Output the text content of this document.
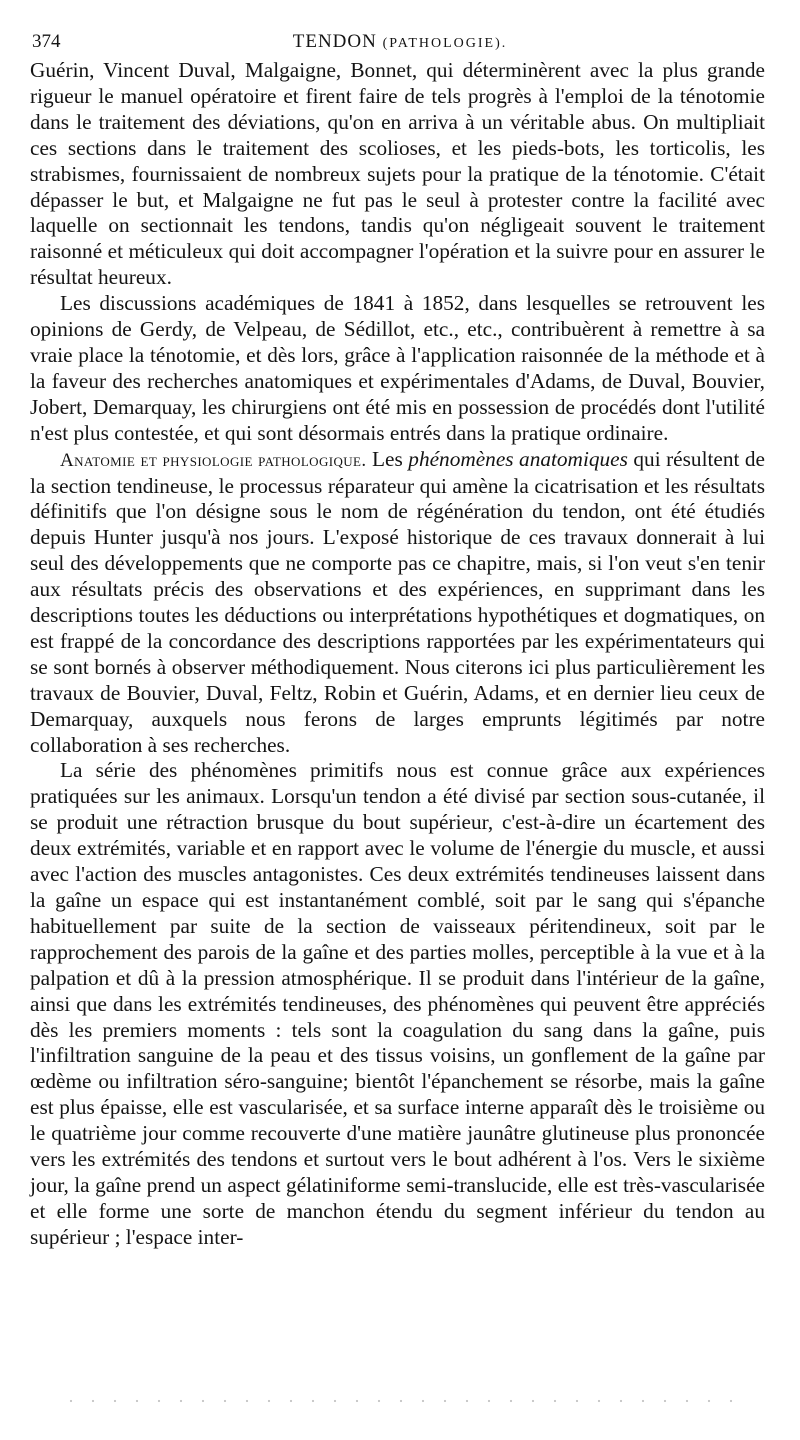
374	TENDON (PATHOLOGIE).

Guérin, Vincent Duval, Malgaigne, Bonnet, qui déterminèrent avec la plus grande rigueur le manuel opératoire et firent faire de tels progrès à l'emploi de la ténotomie dans le traitement des déviations, qu'on en arriva à un véritable abus. On multipliait ces sections dans le traitement des scolioses, et les pieds-bots, les torticolis, les strabismes, fournissaient de nombreux sujets pour la pratique de la ténotomie. C'était dépasser le but, et Malgaigne ne fut pas le seul à protester contre la facilité avec laquelle on sectionnait les tendons, tandis qu'on négligeait souvent le traitement raisonné et méticuleux qui doit accompagner l'opération et la suivre pour en assurer le résultat heureux.

Les discussions académiques de 1841 à 1852, dans lesquelles se retrouvent les opinions de Gerdy, de Velpeau, de Sédillot, etc., etc., contribuèrent à remettre à sa vraie place la ténotomie, et dès lors, grâce à l'application raisonnée de la méthode et à la faveur des recherches anatomiques et expérimentales d'Adams, de Duval, Bouvier, Jobert, Demarquay, les chirurgiens ont été mis en possession de procédés dont l'utilité n'est plus contestée, et qui sont désormais entrés dans la pratique ordinaire.

Anatomie et physiologie pathologique. Les phénomènes anatomiques qui résultent de la section tendineuse, le processus réparateur qui amène la cicatrisation et les résultats définitifs que l'on désigne sous le nom de régénération du tendon, ont été étudiés depuis Hunter jusqu'à nos jours. L'exposé historique de ces travaux donnerait à lui seul des développements que ne comporte pas ce chapitre, mais, si l'on veut s'en tenir aux résultats précis des observations et des expériences, en supprimant dans les descriptions toutes les déductions ou interprétations hypothétiques et dogmatiques, on est frappé de la concordance des descriptions rapportées par les expérimentateurs qui se sont bornés à observer méthodiquement. Nous citerons ici plus particulièrement les travaux de Bouvier, Duval, Feltz, Robin et Guérin, Adams, et en dernier lieu ceux de Demarquay, auxquels nous ferons de larges emprunts légitimés par notre collaboration à ses recherches.

La série des phénomènes primitifs nous est connue grâce aux expériences pratiquées sur les animaux. Lorsqu'un tendon a été divisé par section sous-cutanée, il se produit une rétraction brusque du bout supérieur, c'est-à-dire un écartement des deux extrémités, variable et en rapport avec le volume de l'énergie du muscle, et aussi avec l'action des muscles antagonistes. Ces deux extrémités tendineuses laissent dans la gaîne un espace qui est instantanément comblé, soit par le sang qui s'épanche habituellement par suite de la section de vaisseaux péritendineux, soit par le rapprochement des parois de la gaîne et des parties molles, perceptible à la vue et à la palpation et dû à la pression atmosphérique. Il se produit dans l'intérieur de la gaîne, ainsi que dans les extrémités tendineuses, des phénomènes qui peuvent être appréciés dès les premiers moments : tels sont la coagulation du sang dans la gaîne, puis l'infiltration sanguine de la peau et des tissus voisins, un gonflement de la gaîne par œdème ou infiltration séro-sanguine; bientôt l'épanchement se résorbe, mais la gaîne est plus épaisse, elle est vascularisée, et sa surface interne apparaît dès le troisième ou le quatrième jour comme recouverte d'une matière jaunâtre glutineuse plus prononcée vers les extrémités des tendons et surtout vers le bout adhérent à l'os. Vers le sixième jour, la gaîne prend un aspect gélatiniforme semi-translucide, elle est très-vascularisée et elle forme une sorte de manchon étendu du segment inférieur du tendon au supérieur ; l'espace inter-
